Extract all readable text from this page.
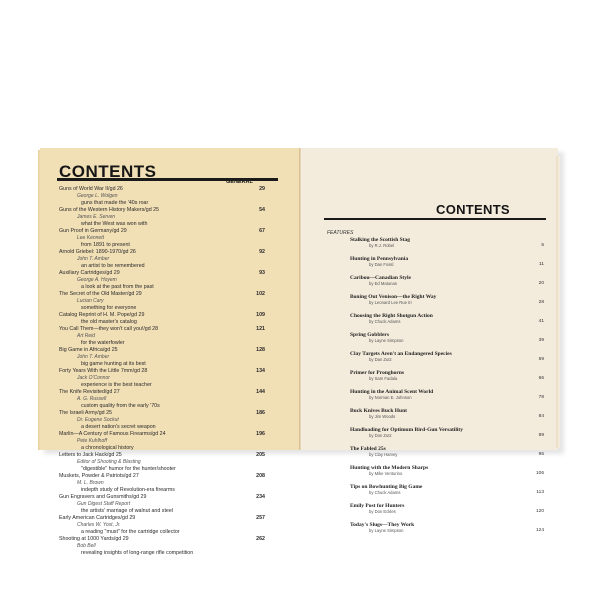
CONTENTS
GENERAL
Guns of World War II/gd 26	29
George L. Wolgen
guns that made the '40s roar
Guns of the Western History Makers/gd 25	54
James E. Serven
what the West was won with
Gun Proof in Germany/gd 29	67
Lee Kennett
from 1891 to present
Arnold Griebel: 1890-1970/gd 26	92
John T. Amber
an artist to be remembered
Auxiliary Cartridges/gd 29	93
George A. Hoyem
a look at the past from the past
The Secret of the Old Master/gd 29	102
Lucian Cary
something for everyone
Catalog Reprint of H. M. Pope/gd 29	109
the old master's catalog
You Call Them—they won't call you!/gd 28	121
Art Reid
for the waterfowler
Big Game in Africa/gd 25	128
John T. Amber
big game hunting at its best
Forty Years With the Little 7mm/gd 28	134
Jack O'Connor
experience is the best teacher
The Knife Revisited/gd 27	144
A. G. Russell
custom quality from the early '70s
The Israeli Army/gd 25	186
Dr. Eugene Sockut
a desert nation's secret weapon
Marlin—A Century of Famous Firearms/gd 24	196
Pete Kuhlhoff
a chronological history
Letters to Jack Hack/gd 25	205
Editor of Shooting & Blasting
"digestible" humor for the hunter/shooter
Muskets, Powder & Patriots/gd 27	208
M. L. Brown
indepth study of Revolution-era firearms
Gun Engravers and Gunsmiths/gd 29	234
Gun Digest Staff Report
the artists' marriage of walnut and steel
Early American Cartridges/gd 29	257
Charles W. Yost, Jr.
a reading "must" for the cartridge collector
Shooting at 1000 Yards/gd 29	262
Bob Bell
revealing insights of long-range rifle competition
CONTENTS
FEATURES
Stalking the Scottish Stag
by R.J. Robel	5
Hunting in Pennsylvania
by Dan Fossl	11
Caribou—Canadian Style
by Ed Matunas	20
Boning Out Venison—the Right Way
by Leonard Lee Rue III	28
Choosing the Right Shotgun Action
by Chuck Adams	41
Spring Gobblers
by Layne Simpson	39
Clay Targets Aren't an Endangered Species
by Dan Zutz	59
Primer for Pronghorns
by Sam Fadala	66
Hunting in the Animal Scent World
by Norman E. Johnson	78
Buck Knives Buck Hunt
by Jim Woods	84
Handloading for Optimum Bird-Gun Versatility
by Don Zutz	89
The Fabled 25s
by Clay Harvey	95
Hunting with the Modern Sharps
by Mike Venturino	106
Tips on Bowhunting Big Game
by Chuck Adams	113
Emily Post for Hunters
by Don Eckles	120
Today's Slugs—They Work
by Layne Simpson	124
